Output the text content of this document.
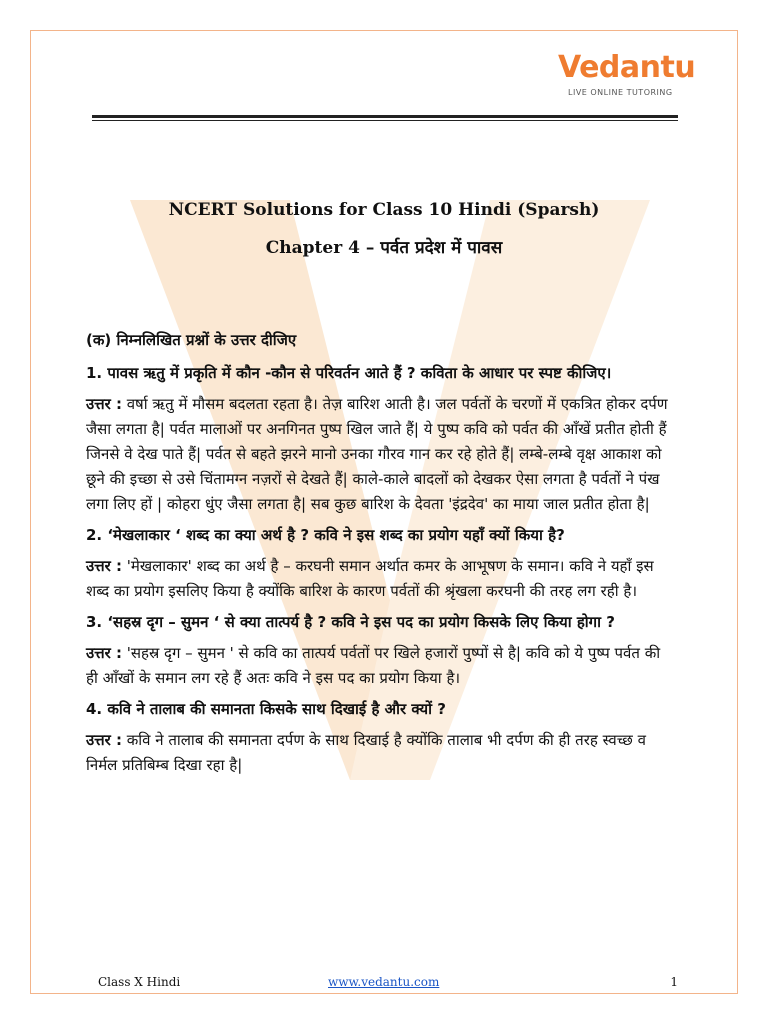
Vedantu
LIVE ONLINE TUTORING
NCERT Solutions for Class 10 Hindi (Sparsh)
Chapter 4 – पर्वत प्रदेश में पावस

(क) निम्नलिखित प्रश्नों के उत्तर दीजिए

1. पावस ऋतु में प्रकृति में कौन -कौन से परिवर्तन आते हैं ? कविता के आधार पर स्पष्ट कीजिए।

उत्तर : वर्षा ऋतु में मौसम बदलता रहता है। तेज़ बारिश आती है। जल पर्वतों के चरणों में एकत्रित होकर दर्पण जैसा लगता है| पर्वत मालाओं पर अनगिनत पुष्प खिल जाते हैं| ये पुष्प कवि को पर्वत की आँखें प्रतीत होती हैं जिनसे वे देख पाते हैं| पर्वत से बहते झरने मानो उनका गौरव गान कर रहे होते हैं| लम्बे-लम्बे वृक्ष आकाश को छूने की इच्छा से उसे चिंतामग्न नज़रों से देखते हैं| काले-काले बादलों को देखकर ऐसा लगता है पर्वतों ने पंख लगा लिए हों | कोहरा धुंए जैसा लगता है| सब कुछ बारिश के देवता 'इंद्रदेव' का माया जाल प्रतीत होता है|

2. ‘मेखलाकार ‘ शब्द का क्या अर्थ है ? कवि ने इस शब्द का प्रयोग यहाँ क्यों किया है?

उत्तर : 'मेखलाकार' शब्द का अर्थ है – करघनी समान अर्थात कमर के आभूषण के समान। कवि ने यहाँ इस शब्द का प्रयोग इसलिए किया है क्योंकि बारिश के कारण पर्वतों की श्रृंखला करघनी की तरह लग रही है।

3. ‘सहस्र दृग – सुमन ‘ से क्या तात्पर्य है ? कवि ने इस पद का प्रयोग किसके लिए किया होगा ?

उत्तर : 'सहस्र दृग – सुमन ' से कवि का तात्पर्य पर्वतों पर खिले हजारों पुष्पों से है| कवि को ये पुष्प पर्वत की ही आँखों के समान लग रहे हैं अतः कवि ने इस पद का प्रयोग किया है।

4. कवि ने तालाब की समानता किसके साथ दिखाई है और क्यों ?

उत्तर : कवि ने तालाब की समानता दर्पण के साथ दिखाई है क्योंकि तालाब भी दर्पण की ही तरह स्वच्छ व निर्मल प्रतिबिम्ब दिखा रहा है|

Class X Hindi	www.vedantu.com	1
